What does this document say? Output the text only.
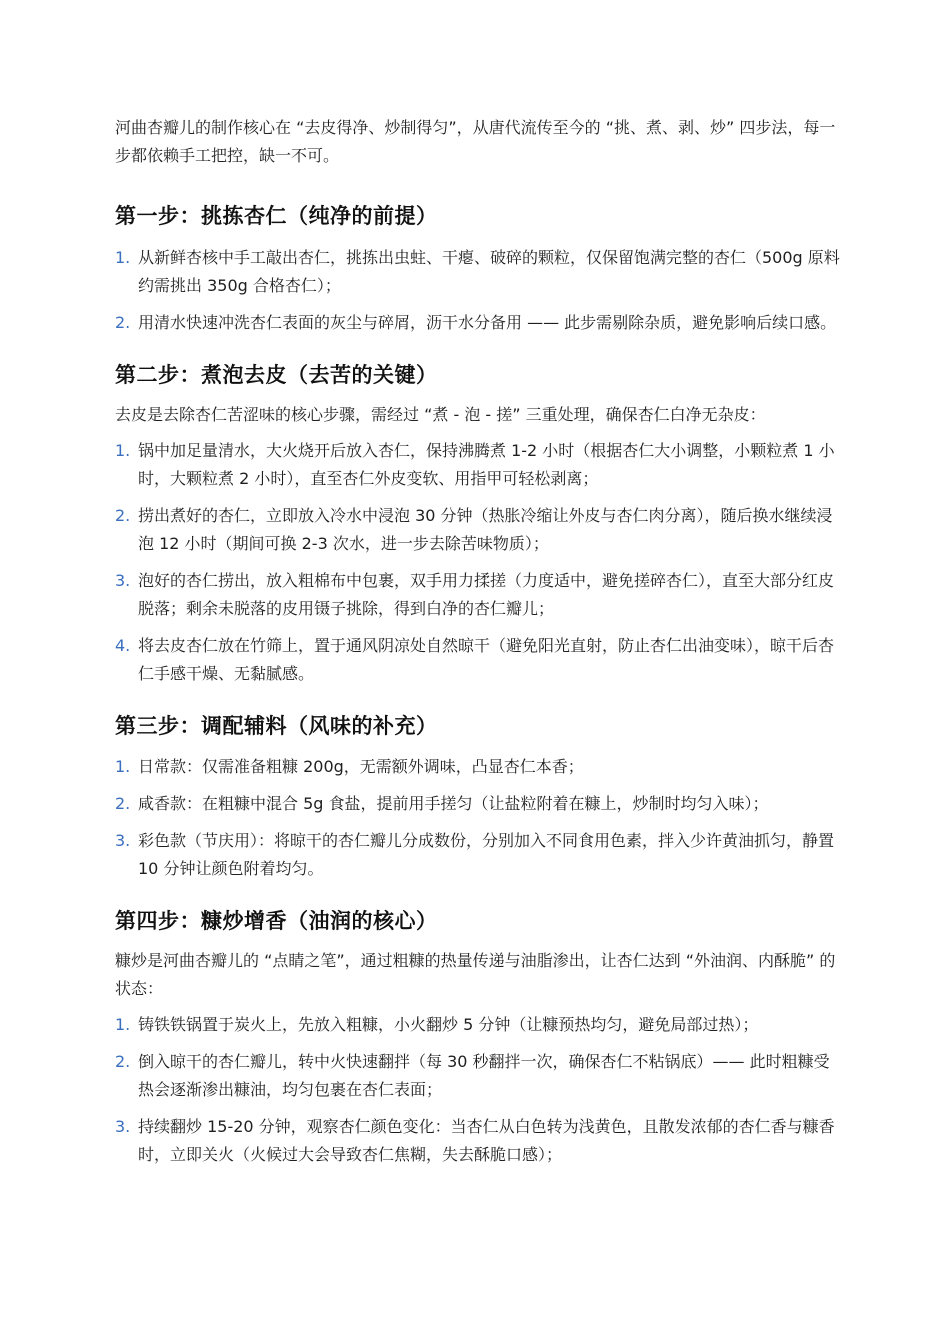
河曲杏瓣儿的制作核心在 “去皮得净、炒制得匀”，从唐代流传至今的 “挑、煮、剥、炒” 四步法，每一步都依赖手工把控，缺一不可。

第一步：挑拣杏仁（纯净的前提）
1. 从新鲜杏核中手工敲出杏仁，挑拣出虫蛀、干瘪、破碎的颗粒，仅保留饱满完整的杏仁（500g 原料约需挑出 350g 合格杏仁）；
2. 用清水快速冲洗杏仁表面的灰尘与碎屑，沥干水分备用 —— 此步需剔除杂质，避免影响后续口感。
第二步：煮泡去皮（去苦的关键）

去皮是去除杏仁苦涩味的核心步骤，需经过 “煮 - 泡 - 搓” 三重处理，确保杏仁白净无杂皮：

1. 锅中加足量清水，大火烧开后放入杏仁，保持沸腾煮 1-2 小时（根据杏仁大小调整，小颗粒煮 1 小时，大颗粒煮 2 小时），直至杏仁外皮变软、用指甲可轻松剥离；
2. 捞出煮好的杏仁，立即放入冷水中浸泡 30 分钟（热胀冷缩让外皮与杏仁肉分离），随后换水继续浸泡 12 小时（期间可换 2-3 次水，进一步去除苦味物质）；
3. 泡好的杏仁捞出，放入粗棉布中包裹，双手用力揉搓（力度适中，避免搓碎杏仁），直至大部分红皮脱落；剩余未脱落的皮用镊子挑除，得到白净的杏仁瓣儿；
4. 将去皮杏仁放在竹筛上，置于通风阴凉处自然晾干（避免阳光直射，防止杏仁出油变味），晾干后杏仁手感干燥、无黏腻感。
第三步：调配辅料（风味的补充）
1. 日常款：仅需准备粗糠 200g，无需额外调味，凸显杏仁本香；
2. 咸香款：在粗糠中混合 5g 食盐，提前用手搓匀（让盐粒附着在糠上，炒制时均匀入味）；
3. 彩色款（节庆用）：将晾干的杏仁瓣儿分成数份，分别加入不同食用色素，拌入少许黄油抓匀，静置 10 分钟让颜色附着均匀。
第四步：糠炒增香（油润的核心）

糠炒是河曲杏瓣儿的 “点睛之笔”，通过粗糠的热量传递与油脂渗出，让杏仁达到 “外油润、内酥脆” 的状态：

1. 铸铁铁锅置于炭火上，先放入粗糠，小火翻炒 5 分钟（让糠预热均匀，避免局部过热）；
2. 倒入晾干的杏仁瓣儿，转中火快速翻拌（每 30 秒翻拌一次，确保杏仁不粘锅底）—— 此时粗糠受热会逐渐渗出糠油，均匀包裹在杏仁表面；
3. 持续翻炒 15-20 分钟，观察杏仁颜色变化：当杏仁从白色转为浅黄色，且散发浓郁的杏仁香与糠香时，立即关火（火候过大会导致杏仁焦糊，失去酥脆口感）；
